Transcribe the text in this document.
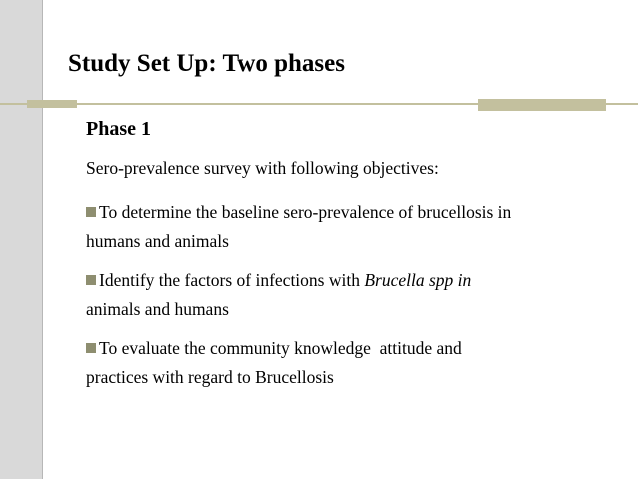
Study Set Up: Two phases
Phase 1
Sero-prevalence survey with following objectives:
To determine the baseline sero-prevalence of brucellosis in
humans and animals
Identify the factors of infections with Brucella spp in
animals and humans
To evaluate the community knowledge  attitude and
practices with regard to Brucellosis
